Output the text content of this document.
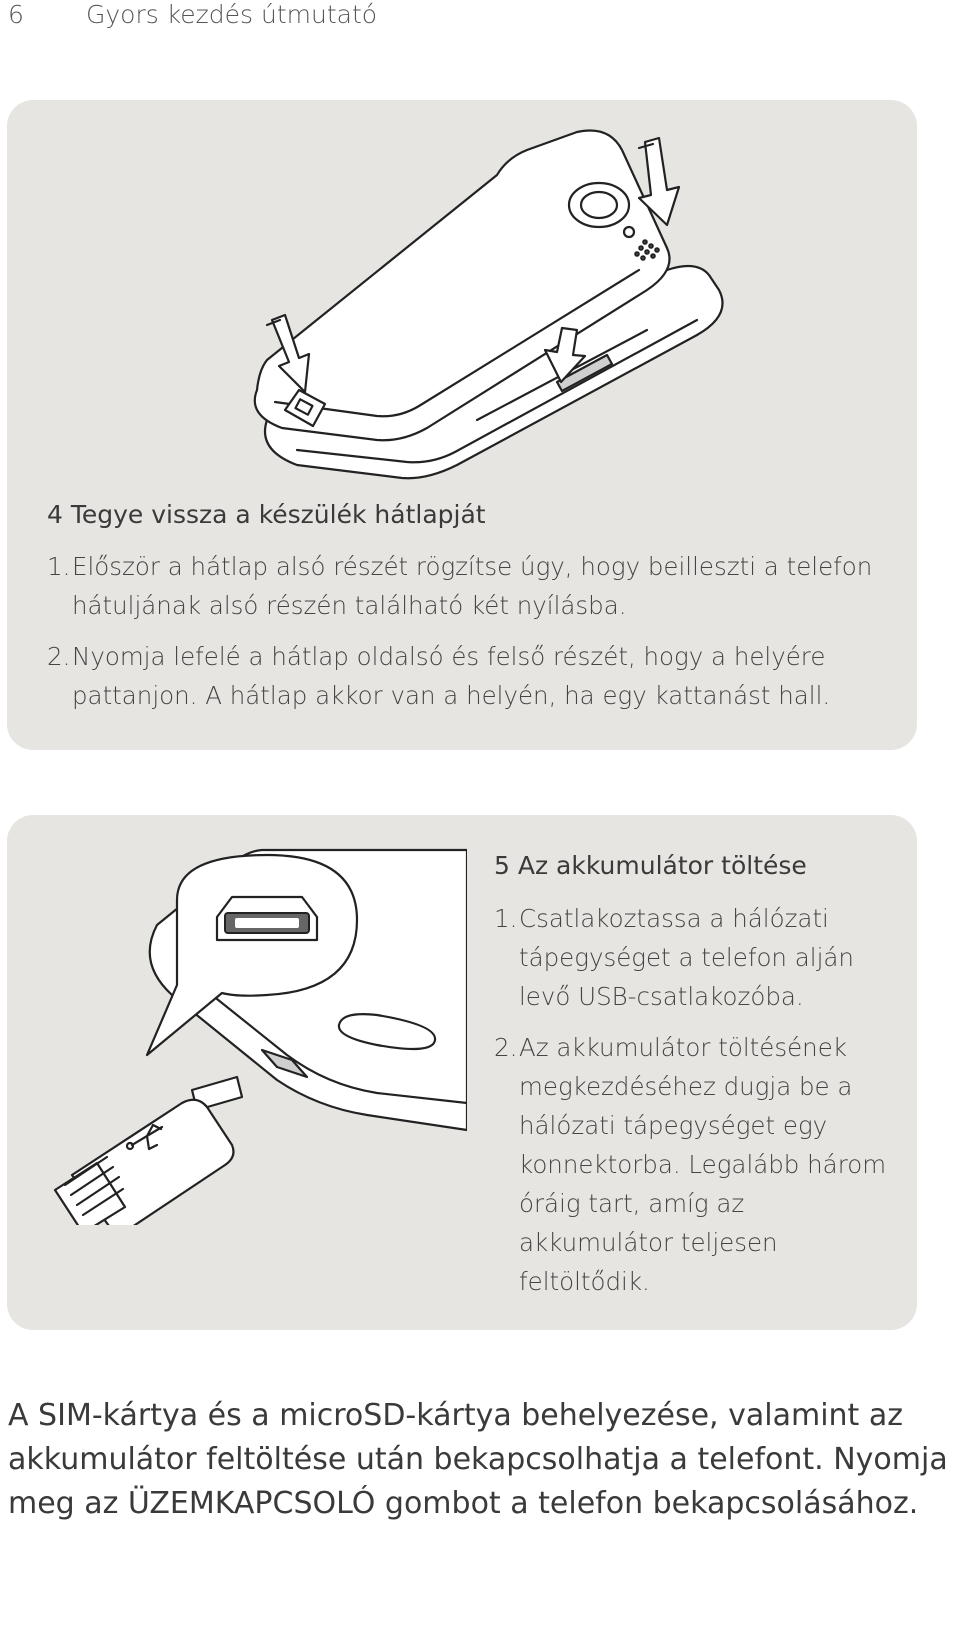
6 Gyors kezdés útmutató
4 Tegye vissza a készülék hátlapját
1. Először a hátlap alsó részét rögzítse úgy, hogy beilleszti a telefon hátuljának alsó részén található két nyílásba.
2. Nyomja lefelé a hátlap oldalsó és felső részét, hogy a helyére pattanjon. A hátlap akkor van a helyén, ha egy kattanást hall.
5 Az akkumulátor töltése
1. Csatlakoztassa a hálózati tápegységet a telefon alján levő USB-csatlakozóba.
2. Az akkumulátor töltésének megkezdéséhez dugja be a hálózati tápegységet egy konnektorba. Legalább három óráig tart, amíg az akkumulátor teljesen feltöltődik.

A SIM-kártya és a microSD-kártya behelyezése, valamint az akkumulátor feltöltése után bekapcsolhatja a telefont. Nyomja meg az ÜZEMKAPCSOLÓ gombot a telefon bekapcsolásához.
